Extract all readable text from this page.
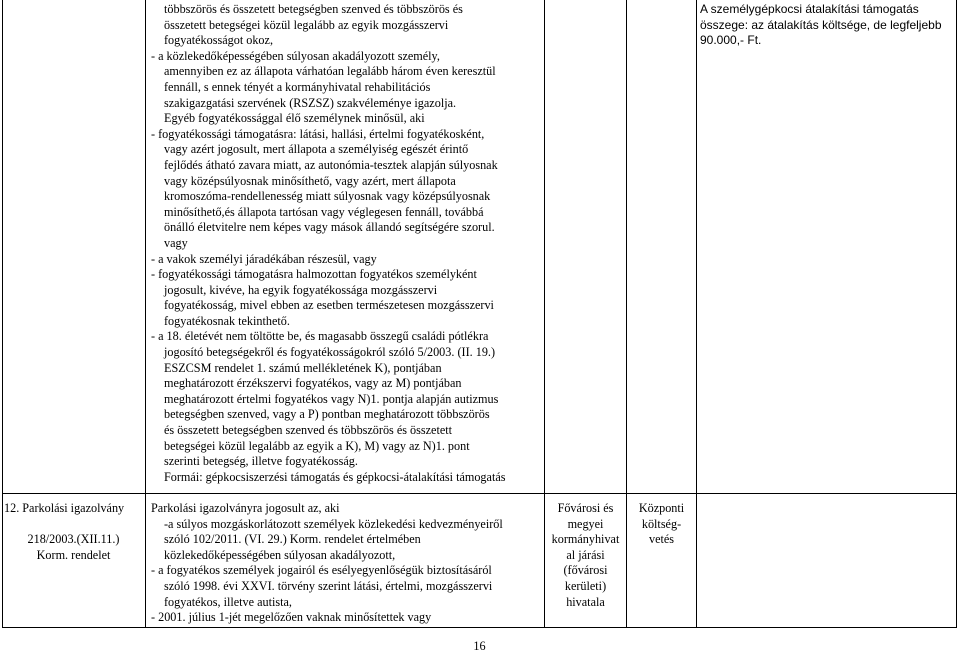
többszörös és összetett betegségben szenved és többszörös és

összetett betegségei közül legalább az egyik mozgásszervi

fogyatékosságot okoz,

- a közlekedőképességében súlyosan akadályozott személy,

amennyiben ez az állapota várhatóan legalább három éven keresztül

fennáll, s ennek tényét a kormányhivatal rehabilitációs

szakigazgatási szervének (RSZSZ) szakvéleménye igazolja.

Egyéb fogyatékossággal élő személynek minősül, aki

- fogyatékossági támogatásra: látási, hallási, értelmi fogyatékosként,

vagy azért jogosult, mert állapota a személyiség egészét érintő

fejlődés átható zavara miatt, az autonómia-tesztek alapján súlyosnak

vagy középsúlyosnak minősíthető, vagy azért, mert állapota

kromoszóma-rendellenesség miatt súlyosnak vagy középsúlyosnak

minősíthető,és állapota tartósan vagy véglegesen fennáll, továbbá

önálló életvitelre nem képes vagy mások állandó segítségére szorul.

vagy

- a vakok személyi járadékában részesül, vagy

- fogyatékossági támogatásra halmozottan fogyatékos személyként

jogosult, kivéve, ha egyik fogyatékossága mozgásszervi

fogyatékosság, mivel ebben az esetben természetesen mozgásszervi

fogyatékosnak tekinthető.

- a 18. életévét nem töltötte be, és magasabb összegű családi pótlékra

jogosító betegségekről és fogyatékosságokról szóló 5/2003. (II. 19.)

ESZCSM rendelet 1. számú mellékletének K), pontjában

meghatározott érzékszervi fogyatékos, vagy az M) pontjában

meghatározott értelmi fogyatékos vagy N)1. pontja alapján autizmus

betegségben szenved, vagy a P) pontban meghatározott többszörös

és összetett betegségben szenved és többszörös és összetett

betegségei közül legalább az egyik a K), M) vagy az N)1. pont

szerinti betegség, illetve fogyatékosság.

Formái: gépkocsiszerzési támogatás és gépkocsi-átalakítási támogatás

A személygépkocsi átalakítási támogatás
összege: az átalakítás költsége, de legfeljebb
90.000,- Ft.
12. Parkolási igazolvány
218/2003.(XII.11.)
Korm. rendelet

Parkolási igazolványra jogosult az, aki

-a súlyos mozgáskorlátozott személyek közlekedési kedvezményeiről

szóló 102/2011. (VI. 29.) Korm. rendelet értelmében

közlekedőképességében súlyosan akadályozott,

- a fogyatékos személyek jogairól és esélyegyenlőségük biztosításáról

szóló 1998. évi XXVI. törvény szerint látási, értelmi, mozgásszervi

fogyatékos, illetve autista,

- 2001. július 1-jét megelőzően vaknak minősítettek vagy

Fővárosi és
megyei
kormányhivat
al járási
(fővárosi
kerületi)
hivatala
Központi
költség-
vetés
16
